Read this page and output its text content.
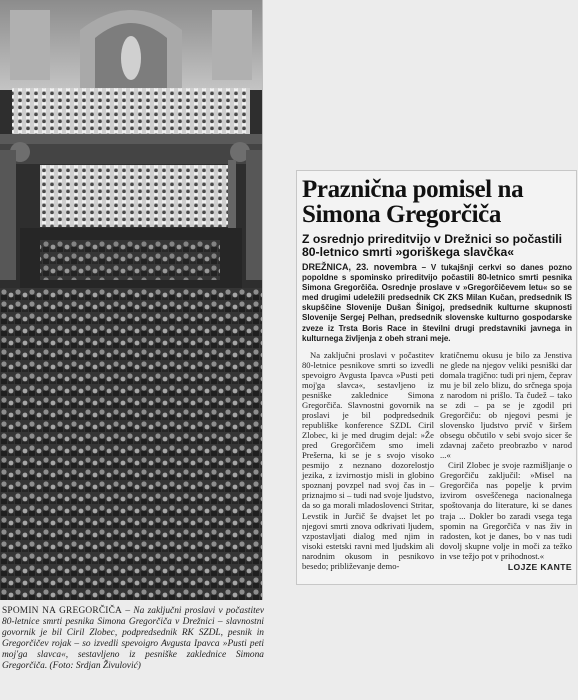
SPOMIN NA GREGORČIČA – Na zaključni proslavi v počastitev 80-letnice smrti pesnika Simona Gregorčiča v Drežnici – slavnostni govornik je bil Ciril Zlobec, podpredsednik RK SZDL, pesnik in Gregorčičev rojak – so izvedli spevoigro Avgusta Ipavca »Pusti peti moj'ga slavca«, sestavljeno iz pesniške zaklednice Simona Gregorčiča. (Foto: Srdjan Živulović)
Praznična pomisel na Simona Gregorčiča
Z osrednjo prireditvijo v Drežnici so počastili 80-letnico smrti »goriškega slavčka«
DREŽNICA, 23. novembra – V tukajšnji cerkvi so danes pozno popoldne s spominsko prireditvijo počastili 80-letnico smrti pesnika Simona Gregorčiča. Osrednje proslave v »Gregorčičevem letu« so se med drugimi udeležili predsednik CK ZKS Milan Kučan, predsednik IS skupščine Slovenije Dušan Šinigoj, predsednik kulturne skupnosti Slovenije Sergej Pelhan, predsednik slovenske kulturno gospodarske zveze iz Trsta Boris Race in številni drugi predstavniki javnega in kulturnega življenja z obeh strani meje.

Na zaključni proslavi v počastitev 80-letnice pesnikove smrti so izvedli spevoigro Avgusta Ipavca »Pusti peti moj'ga slavca«, sestavljeno iz pesniške zaklednice Simona Gregorčiča. Slavnostni govornik na proslavi je bil podpredsednik republiške konference SZDL Ciril Zlobec, ki je med drugim dejal: »Že pred Gregorčičem smo imeli Prešerna, ki se je s svojo visoko pesmijo z neznano dozorelostjo jezika, z izvirnostjo misli in globino spoznanj povzpel nad svoj čas in – priznajmo si – tudi nad svoje ljudstvo, da so ga morali mladoslovenci Stritar, Levstik in Jurčič še dvajset let po njegovi smrti znova odkrivati ljudem, vzpostavljati dialog med njim in visoki estetski ravni med ljudskim ali narodnim okusom in pesnikovo besedo; približevanje demo-

kratičnemu okusu je bilo za Jenstiva ne glede na njegov veliki pesniški dar domala tragično: tudi pri njem, čeprav mu je bil zelo blizu, do srčnega spoja z narodom ni prišlo. Ta čudež – tako se zdi – pa se je zgodil pri Gregorčiču: ob njegovi pesmi je slovensko ljudstvo prvič v širšem obsegu občutilo v sebi svojo sicer še zdavnaj začeto preobrazbo v narod ...«

Ciril Zlobec je svoje razmišljanje o Gregorčiču zaključil: »Misel na Gregorčiča nas popelje k prvim izvirom osveščenega nacionalnega spoštovanja do literature, ki se danes traja ... Dokler bo zaradi vsega tega spomin na Gregorčiča v nas živ in radosten, kot je danes, bo v nas tudi dovolj skupne volje in moči za težko in vse težjo pot v prihodnost.«

LOJZE KANTE
